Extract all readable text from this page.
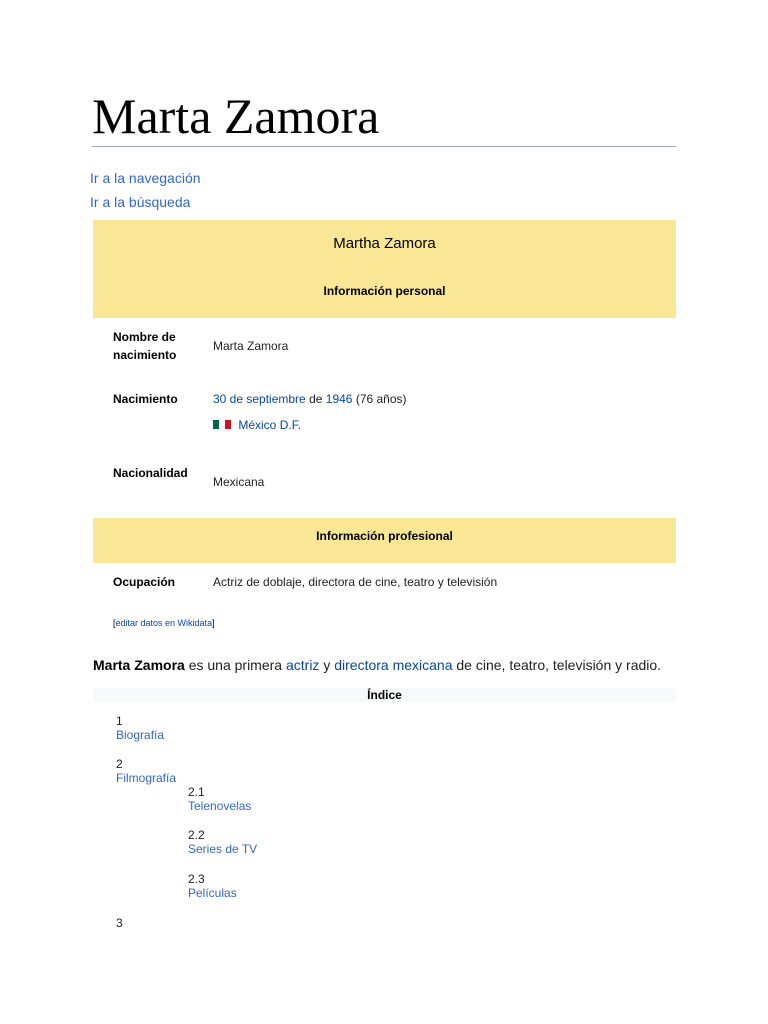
Marta Zamora
Ir a la navegación
Ir a la búsqueda
Martha Zamora
Información personal
Nombre de nacimiento
Marta Zamora
Nacimiento	30 de septiembre de 1946 (76 años)
México D.F.
Nacionalidad
Mexicana
Información profesional
Ocupación	Actriz de doblaje, directora de cine, teatro y televisión
[editar datos en Wikidata]

Marta Zamora es una primera actriz y directora mexicana de cine, teatro, televisión y radio.

Índice
1
Biografía
2
Filmografía
2.1
Telenovelas
2.2
Series de TV
2.3
Películas
3
